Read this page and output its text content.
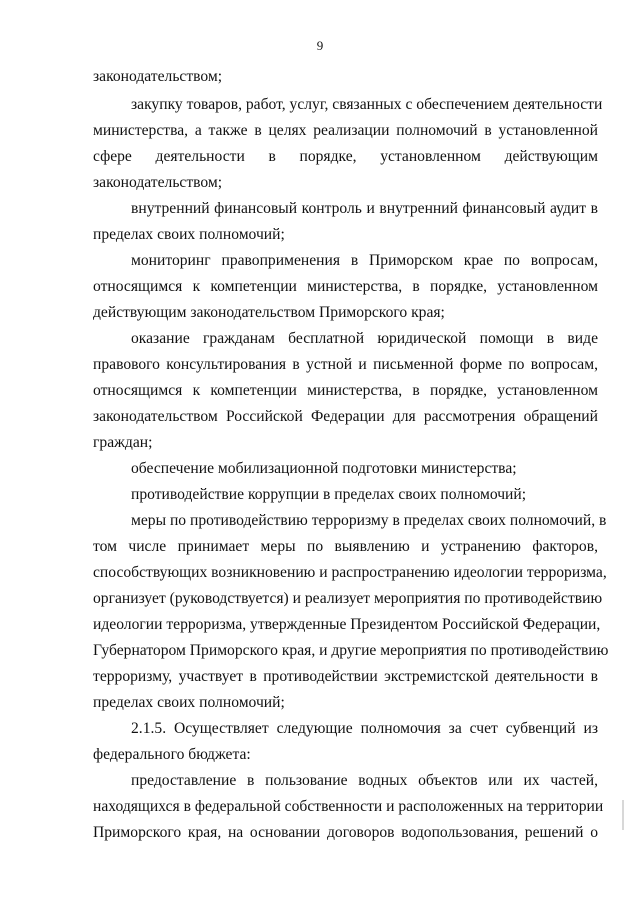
9
законодательством;
закупку товаров, работ, услуг, связанных с обеспечением деятельности
министерства, а также в целях реализации полномочий в установленной
сфере деятельности в порядке, установленном действующим
законодательством;
внутренний финансовый контроль и внутренний финансовый аудит в
пределах своих полномочий;
мониторинг правоприменения в Приморском крае по вопросам,
относящимся к компетенции министерства, в порядке, установленном
действующим законодательством Приморского края;
оказание гражданам бесплатной юридической помощи в виде
правового консультирования в устной и письменной форме по вопросам,
относящимся к компетенции министерства, в порядке, установленном
законодательством Российской Федерации для рассмотрения обращений
граждан;
обеспечение мобилизационной подготовки министерства;
противодействие коррупции в пределах своих полномочий;
меры по противодействию терроризму в пределах своих полномочий, в
том числе принимает меры по выявлению и устранению факторов,
способствующих возникновению и распространению идеологии терроризма,
организует (руководствуется) и реализует мероприятия по противодействию
идеологии терроризма, утвержденные Президентом Российской Федерации,
Губернатором Приморского края, и другие мероприятия по противодействию
терроризму, участвует в противодействии экстремистской деятельности в
пределах своих полномочий;
2.1.5. Осуществляет следующие полномочия за счет субвенций из
федерального бюджета:
предоставление в пользование водных объектов или их частей,
находящихся в федеральной собственности и расположенных на территории
Приморского края, на основании договоров водопользования, решений о
